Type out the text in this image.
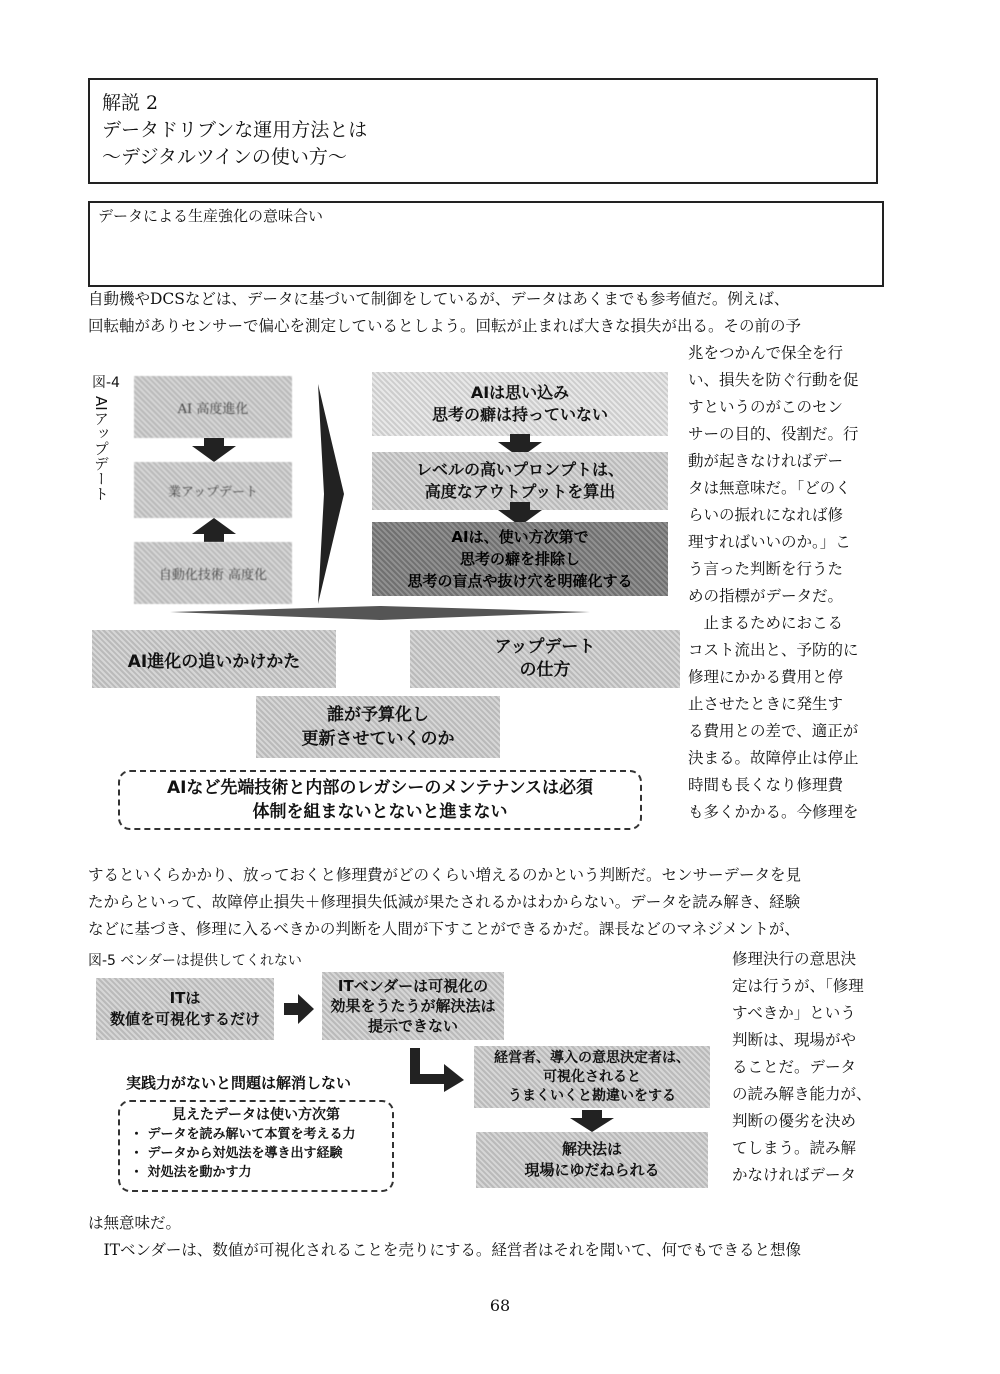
解説 2
データドリブンな運用方法とは
～デジタルツインの使い方～
データによる生産強化の意味合い
自動機やDCSなどは、データに基づいて制御をしているが、データはあくまでも参考値だ。例えば、
回転軸がありセンサーで偏心を測定しているとしよう。回転が止まれば大きな損失が出る。その前の予
兆をつかんで保全を行
い、損失を防ぐ行動を促
すというのがこのセン
サーの目的、役割だ。行
動が起きなければデー
タは無意味だ。「どのく
らいの振れになれば修
理すればいいのか。」こ
う言った判断を行うた
めの指標がデータだ。
　止まるためにおこる
コスト流出と、予防的に
修理にかかる費用と停
止させたときに発生す
る費用との差で、適正が
決まる。故障停止は停止
時間も長くなり修理費
も多くかかる。今修理を
図-4
AIアップデート	AI 高度進化
業アップデート
自動化技術 高度化
AIは思い込み
思考の癖は持っていない
レベルの高いプロンプトは、
高度なアウトプットを算出
AIは、使い方次第で
思考の癖を排除し
思考の盲点や抜け穴を明確化する
AI進化の追いかけかた
アップデート
の仕方
誰が予算化し
更新させていくのか
AIなど先端技術と内部のレガシーのメンテナンスは必須
体制を組まないとないと進まない
するといくらかかり、放っておくと修理費がどのくらい増えるのかという判断だ。センサーデータを見
たからといって、故障停止損失＋修理損失低減が果たされるかはわからない。データを読み解き、経験
などに基づき、修理に入るべきかの判断を人間が下すことができるかだ。課長などのマネジメントが、
修理決行の意思決
定は行うが、「修理
すべきか」という
判断は、現場がや
ることだ。データ
の読み解き能力が、
判断の優劣を決め
てしまう。読み解
かなければデータ
図-5 ベンダーは提供してくれない
ITは
数値を可視化するだけ
ITベンダーは可視化の
効果をうたうが解決法は
提示できない
実践力がないと問題は解消しない
経営者、導入の意思決定者は、
可視化されると
うまくいくと勘違いをする
解決法は
現場にゆだねられる
見えたデータは使い方次第
・ データを読み解いて本質を考える力
・ データから対処法を導き出す経験
・ 対処法を動かす力
は無意味だ。
　ITベンダーは、数値が可視化されることを売りにする。経営者はそれを聞いて、何でもできると想像
68
